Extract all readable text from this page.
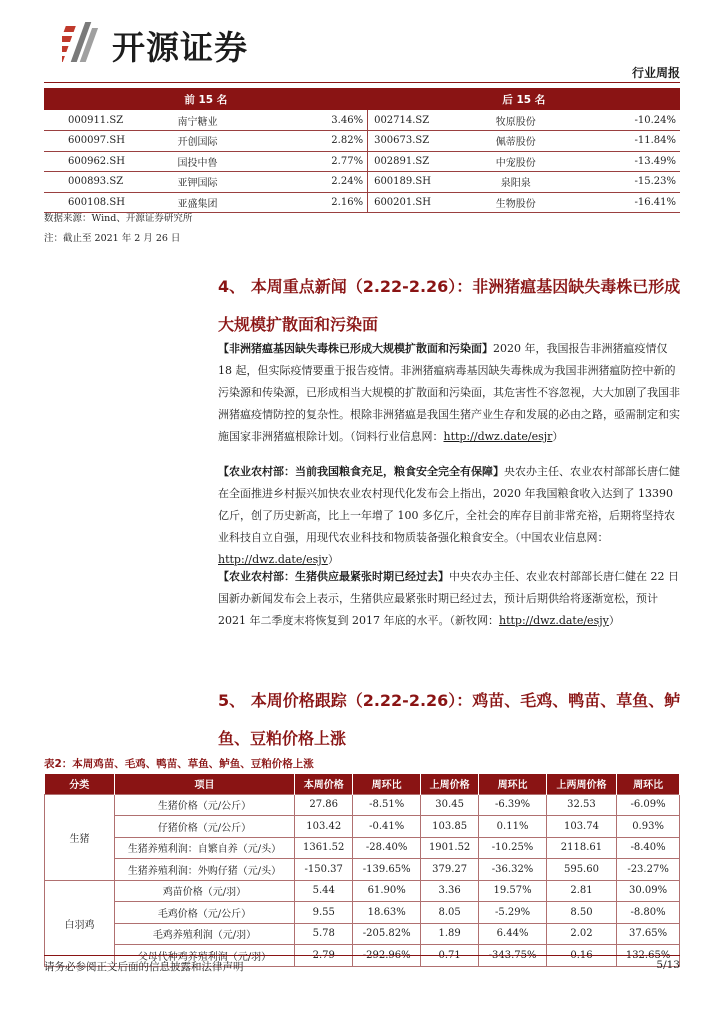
开源证券
行业周报
前 15 名			后 15 名		
000911.SZ	南宁糖业	3.46%	002714.SZ	牧原股份	-10.24%
600097.SH	开创国际	2.82%	300673.SZ	佩蒂股份	-11.84%
600962.SH	国投中鲁	2.77%	002891.SZ	中宠股份	-13.49%
000893.SZ	亚钾国际	2.24%	600189.SH	泉阳泉	-15.23%
600108.SH	亚盛集团	2.16%	600201.SH	生物股份	-16.41%
数据来源：Wind、开源证券研究所
注：截止至 2021 年 2 月 26 日
4、 本周重点新闻（2.22-2.26）：非洲猪瘟基因缺失毒株已形成
大规模扩散面和污染面
【非洲猪瘟基因缺失毒株已形成大规模扩散面和污染面】2020 年，我国报告非洲猪瘟疫情仅 18 起，但实际疫情要重于报告疫情。非洲猪瘟病毒基因缺失毒株成为我国非洲猪瘟防控中新的污染源和传染源，已形成相当大规模的扩散面和污染面，其危害性不容忽视，大大加剧了我国非洲猪瘟疫情防控的复杂性。根除非洲猪瘟是我国生猪产业生存和发展的必由之路，亟需制定和实施国家非洲猪瘟根除计划。（饲料行业信息网：http://dwz.date/esjr）
【农业农村部：当前我国粮食充足，粮食安全完全有保障】央农办主任、农业农村部部长唐仁健在全面推进乡村振兴加快农业农村现代化发布会上指出，2020 年我国粮食收入达到了 13390 亿斤，创了历史新高，比上一年增了 100 多亿斤，全社会的库存目前非常充裕，后期将坚持农业科技自立自强，用现代农业科技和物质装备强化粮食安全。（中国农业信息网：http://dwz.date/esjv）
【农业农村部：生猪供应最紧张时期已经过去】中央农办主任、农业农村部部长唐仁健在 22 日国新办新闻发布会上表示，生猪供应最紧张时期已经过去，预计后期供给将逐渐宽松，预计 2021 年二季度末将恢复到 2017 年底的水平。（新牧网：http://dwz.date/esjy）
5、 本周价格跟踪（2.22-2.26）：鸡苗、毛鸡、鸭苗、草鱼、鲈
鱼、豆粕价格上涨
表2：本周鸡苗、毛鸡、鸭苗、草鱼、鲈鱼、豆粕价格上涨
分类	项目	本周价格	周环比	上周价格	周环比	上两周价格	周环比
生猪	生猪价格（元/公斤）	27.86	-8.51%	30.45	-6.39%	32.53	-6.09%
	仔猪价格（元/公斤）	103.42	-0.41%	103.85	0.11%	103.74	0.93%
	生猪养殖利润：自繁自养（元/头）	1361.52	-28.40%	1901.52	-10.25%	2118.61	-8.40%
	生猪养殖利润：外购仔猪（元/头）	-150.37	-139.65%	379.27	-36.32%	595.60	-23.27%
白羽鸡	鸡苗价格（元/羽）	5.44	61.90%	3.36	19.57%	2.81	30.09%
	毛鸡价格（元/公斤）	9.55	18.63%	8.05	-5.29%	8.50	-8.80%
	毛鸡养殖利润（元/羽）	5.78	-205.82%	1.89	6.44%	2.02	37.65%
	父母代种鸡养殖利润（元/羽）	2.79	-292.96%	0.71	-343.75%	0.16	132.65%
请务必参阅正文后面的信息披露和法律声明	5/13
